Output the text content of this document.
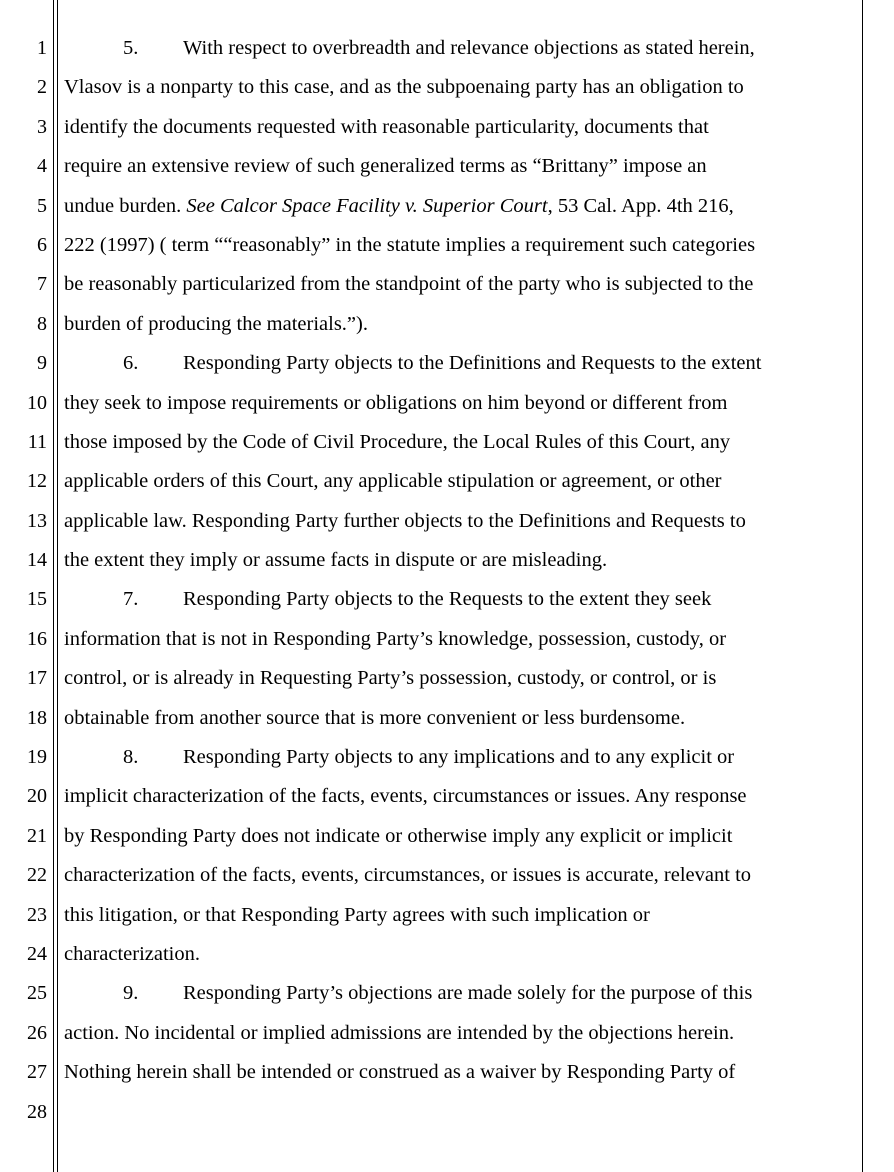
1
2
3
4
5
6
7
8
9
10
11
12
13
14
15
16
17
18
19
20
21
22
23
24
25
26
27
28
5. With respect to overbreadth and relevance objections as stated herein,
Vlasov is a nonparty to this case, and as the subpoenaing party has an obligation to
identify the documents requested with reasonable particularity, documents that
require an extensive review of such generalized terms as “Brittany” impose an
undue burden. See Calcor Space Facility v. Superior Court, 53 Cal. App. 4th 216,
222 (1997) ( term ““reasonably” in the statute implies a requirement such categories
be reasonably particularized from the standpoint of the party who is subjected to the
burden of producing the materials.”).
6. Responding Party objects to the Definitions and Requests to the extent
they seek to impose requirements or obligations on him beyond or different from
those imposed by the Code of Civil Procedure, the Local Rules of this Court, any
applicable orders of this Court, any applicable stipulation or agreement, or other
applicable law. Responding Party further objects to the Definitions and Requests to
the extent they imply or assume facts in dispute or are misleading.
7. Responding Party objects to the Requests to the extent they seek
information that is not in Responding Party’s knowledge, possession, custody, or
control, or is already in Requesting Party’s possession, custody, or control, or is
obtainable from another source that is more convenient or less burdensome.
8. Responding Party objects to any implications and to any explicit or
implicit characterization of the facts, events, circumstances or issues. Any response
by Responding Party does not indicate or otherwise imply any explicit or implicit
characterization of the facts, events, circumstances, or issues is accurate, relevant to
this litigation, or that Responding Party agrees with such implication or
characterization.
9. Responding Party’s objections are made solely for the purpose of this
action. No incidental or implied admissions are intended by the objections herein.
Nothing herein shall be intended or construed as a waiver by Responding Party of
